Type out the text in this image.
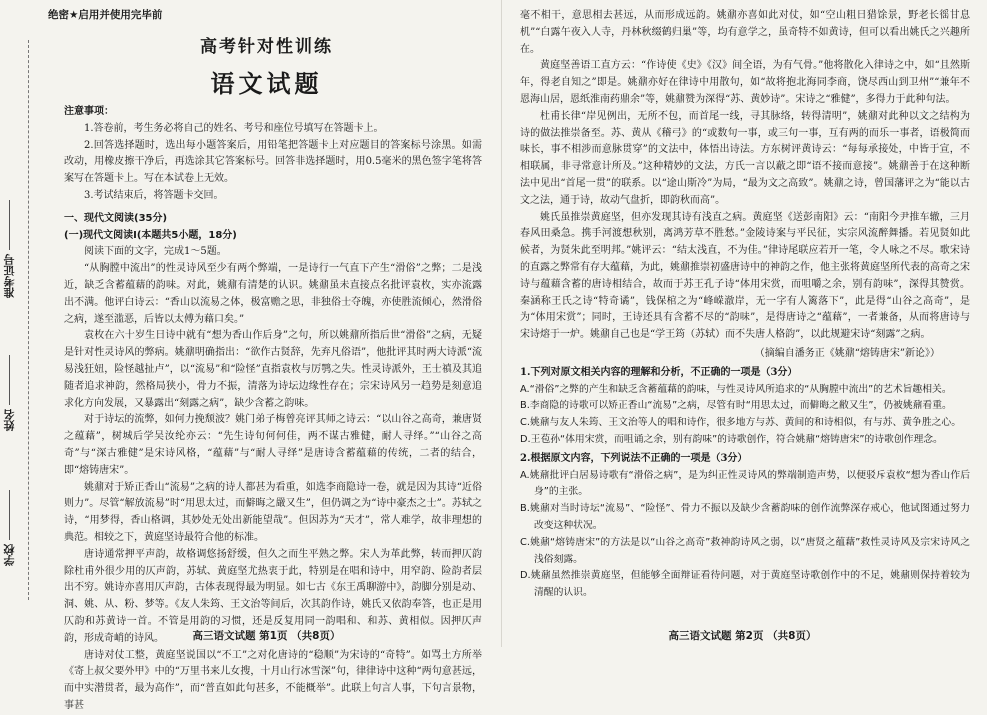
准考证号
姓名
学校
绝密★启用并使用完毕前
高考针对性训练
语文试题

注意事项：

1.答卷前，考生务必将自己的姓名、考号和座位号填写在答题卡上。

2.回答选择题时，选出每小题答案后，用铅笔把答题卡上对应题目的答案标号涂黑。如需改动，用橡皮擦干净后，再选涂其它答案标号。回答非选择题时，用0.5毫米的黑色签字笔将答案写在答题卡上。写在本试卷上无效。

3.考试结束后，将答题卡交回。

一、现代文阅读(35分)

(一)现代文阅读Ⅰ(本题共5小题，18分)

阅读下面的文字，完成1～5题。

“从胸膛中流出”的性灵诗风至少有两个弊端，一是诗行一气直下产生“滑俗”之弊；二是浅近，缺乏含蓄蕴藉的韵味。对此，姚鼐有清楚的认识。姚鼐虽未直接点名批评袁枚，实亦流露出不满。他评白诗云：“香山以流易之体，极富赡之思，非独俗士夺魄，亦使胜流倾心，然滑俗之病，遂至滥恶，后皆以太傅为藉口矣。”

袁枚在六十岁生日诗中就有“想为香山作后身”之句，所以姚鼐所指后世“滑俗”之病，无疑是针对性灵诗风的弊病。姚鼐明确指出：“欲作古贤辞，先弃凡俗语”，他批评其时两大诗派“流易浅狂妞，险怪越扯卢”，以“流易”和“险怪”直指袁枚与厉鹗之失。性灵诗派外，王士禛及其追随者追求神韵，然格局狭小，骨力不振，清落为诗坛边缘性存在；宗宋诗风另一趋势是刻意追求化方向发展，又暴露出“刻露之病”，缺少含蓄之韵味。

对于诗坛的流弊，如何力挽颓波？姚门弟子梅曾亮评其师之诗云：“以山谷之高奇，兼唐贤之蕴藉”，树城后学吴汝纶亦云：“先生诗旬何何佳，两不谋古雅健，耐人寻绎。”“山谷之高奇”与“深古雅健”是宋诗风格，“蕴藉”与“耐人寻绎”是唐诗含蓄蕴藉的传统，二者的结合，即“熔铸唐宋”。

姚鼐对于矫正香山“流易”之病的诗人都甚为看重，如选李商隐诗一卷，就是因为其诗“近俗则力”。尽管“解放流易”时“用思太过，而僻晦之嚴又生”，但仍调之为“诗中豪杰之士”。苏轼之诗，“用梦得，香山格调，其妙处无处出新能望哉”。但因苏为“天才”，常人难学，故非理想的典范。相较之下，黄庭坚诗最符合他的标准。

唐诗通常押平声韵，故格调悠扬舒缓，但久之而生平熟之弊。宋人为革此弊，转而押仄韵除杜甫外很少用的仄声韵，苏轼、黄庭坚尤热衷于此，特别是在唱和诗中，用窄韵、险韵者层出不穷。姚诗亦喜用仄声韵，古体表现得最为明显。如七古《东王禹聊游中》，韵脚分别是动、洞、姚、从、粉、梦等。《友人朱筠、王文治等间后，次其韵作诗，姚氏又依韵奉答，也正是用仄韵和苏黄诗一首。不管是用韵的习惯，还是反复用同一韵唱和、和苏、黄相似。因押仄声韵，形成奇峭的诗风。

唐诗对仗工整，黄庭坚说国以“不工”之对化唐诗的“稳顺”为宋诗的“奇特”。如骂土方所举《寄上叔父要外甲》中的“万里书来儿女搜，十月山行冰雪深”句，律律诗中这种“两句意甚远，而中实潜贯者，最为高作”，而“普直如此句甚多，不能概举”。此联上句言人事，下句言景物，事甚

高三语文试题 第1页 （共8页）

毫不相干，意思相去甚远，从而形成远韵。姚鼐亦喜如此对仗，如“空山粗日猎馀景，野老长徭甘息机”“白露午夜入人寺，丹林秋缀鹤归巢”等，均有意学之，虽奇特不如黄诗，但可以看出姚氏之兴趣所在。

黄庭坚善语工直方云：“作诗使《史》《汉》间全语，为有气骨。”他将散化入律诗之中，如“且然斯年，得老自知之”即是。姚鼐亦好在律诗中用散句，如“故将抱北海同李商，饶尽西山到卫州”“兼年不恩海山居，恩纸淮南药鼎余”等，姚鼐赞为深得“苏、黄妙诗”。宋诗之“雅健”，多得力于此种句法。

杜甫长律“岸见例出，无所不包，而首尾一线，寻其脉络，转得清明”，姚鼐对此种以文之结构为诗的做法推崇备至。苏、黄从《稽弓》的“或数句一事，或三句一事，互有两的而乐一事者，语极简而味长，事不相涉而意脉贯穿”的文法中，体悟出诗法。方东树评黄诗云：“每每承接处，中皆于宣，不相联属，非寻常意计所及。”这种精妙的文法，方氏一言以蔽之即“语不接而意接”。姚鼐善于在这种断法中见出“首尾一贯”的联系。以“途山斯冷”为局，“最为文之高致”。姚鼐之诗，曾国藩评之为“能以古文之法，通于诗，故动气盘折，即韵秋而高”。

姚氏虽推崇黄庭坚，但亦发现其诗有浅直之病。黄庭坚《送彭南阳》云：“南阳今尹推车辙，三月春风田桑急。携手河渡想秋别，离鸿芳草不胜愁。”金陵诗案与平民征，实宗风流醉舞播。若见贤如此候者，为贤朱此至明邦。”姚评云：“结太浅直，不为佳。”律诗尾联应若开一笔，令人咏之不尽。歌宋诗的直露之弊常有存大蕴藉，为此，姚鼐推崇初盛唐诗中的神韵之作，他主张将黄庭坚所代表的高奇之宋诗与蕴藉含蓄的唐诗相结合，故而于苏王孔子诗“体用宋赏，而咀嚼之余，别有韵味”，深得其赞赏。秦涵称王氏之诗“特奇谲”，钱保棺之为“峰嵘澈岸，无一字有人篱落下”，此是得“山谷之高奇”，是为“体用宋赏”；同时，王诗还具有含蓄不尽的“韵味”，是得唐诗之“蕴藉”，一者兼备，从而将唐诗与宋诗熔于一炉。姚鼐自己也是“学王筠（苏轼）而不失唐人格韵”，以此规避宋诗“刻露”之病。

（摘编自潘务正《姚鼐“熔铸唐宋”新论》）

1.下列对原文相关内容的理解和分析，不正确的一项是（3分）

A.“滑俗”之弊的产生和缺乏含蓄蕴藉的韵味，与性灵诗风所追求的“从胸膛中流出”的艺术旨趣相关。

B.李商隐的诗歌可以矫正香山“流易”之病，尽管有时“用思太过，而僻晦之敝又生”，仍被姚鼐看重。

C.姚鼐与友人朱筠、王文治等人的唱和诗作，很多地方与苏、黄间的和诗相似，有与苏、黄争胜之心。

D.王苞孙“体用宋赏，而咀诵之余，别有韵味”的诗歌创作，符合姚鼐“熔铸唐宋”的诗歌创作理念。

2.根据原文内容，下列说法不正确的一项是（3分）

A.姚鼐批评白居易诗歌有“滑俗之病”，是为纠正性灵诗风的弊端制造声势，以便驳斥袁枚“想为香山作后身”的主张。

B.姚鼐对当时诗坛“流易”、“险怪”、骨力不振以及缺少含蓄韵味的创作流弊深存戒心，他试图通过努力改变这种状况。

C.姚鼐“熔铸唐宋”的方法是以“山谷之高奇”救神韵诗风之弱，以“唐贤之蕴藉”救性灵诗风及宗宋诗风之浅俗刻露。

D.姚鼐虽然推崇黄庭坚，但能够全面辩证看待问题，对于黄庭坚诗歌创作中的不足，姚鼐则保持着较为清醒的认识。

高三语文试题 第2页 （共8页）
